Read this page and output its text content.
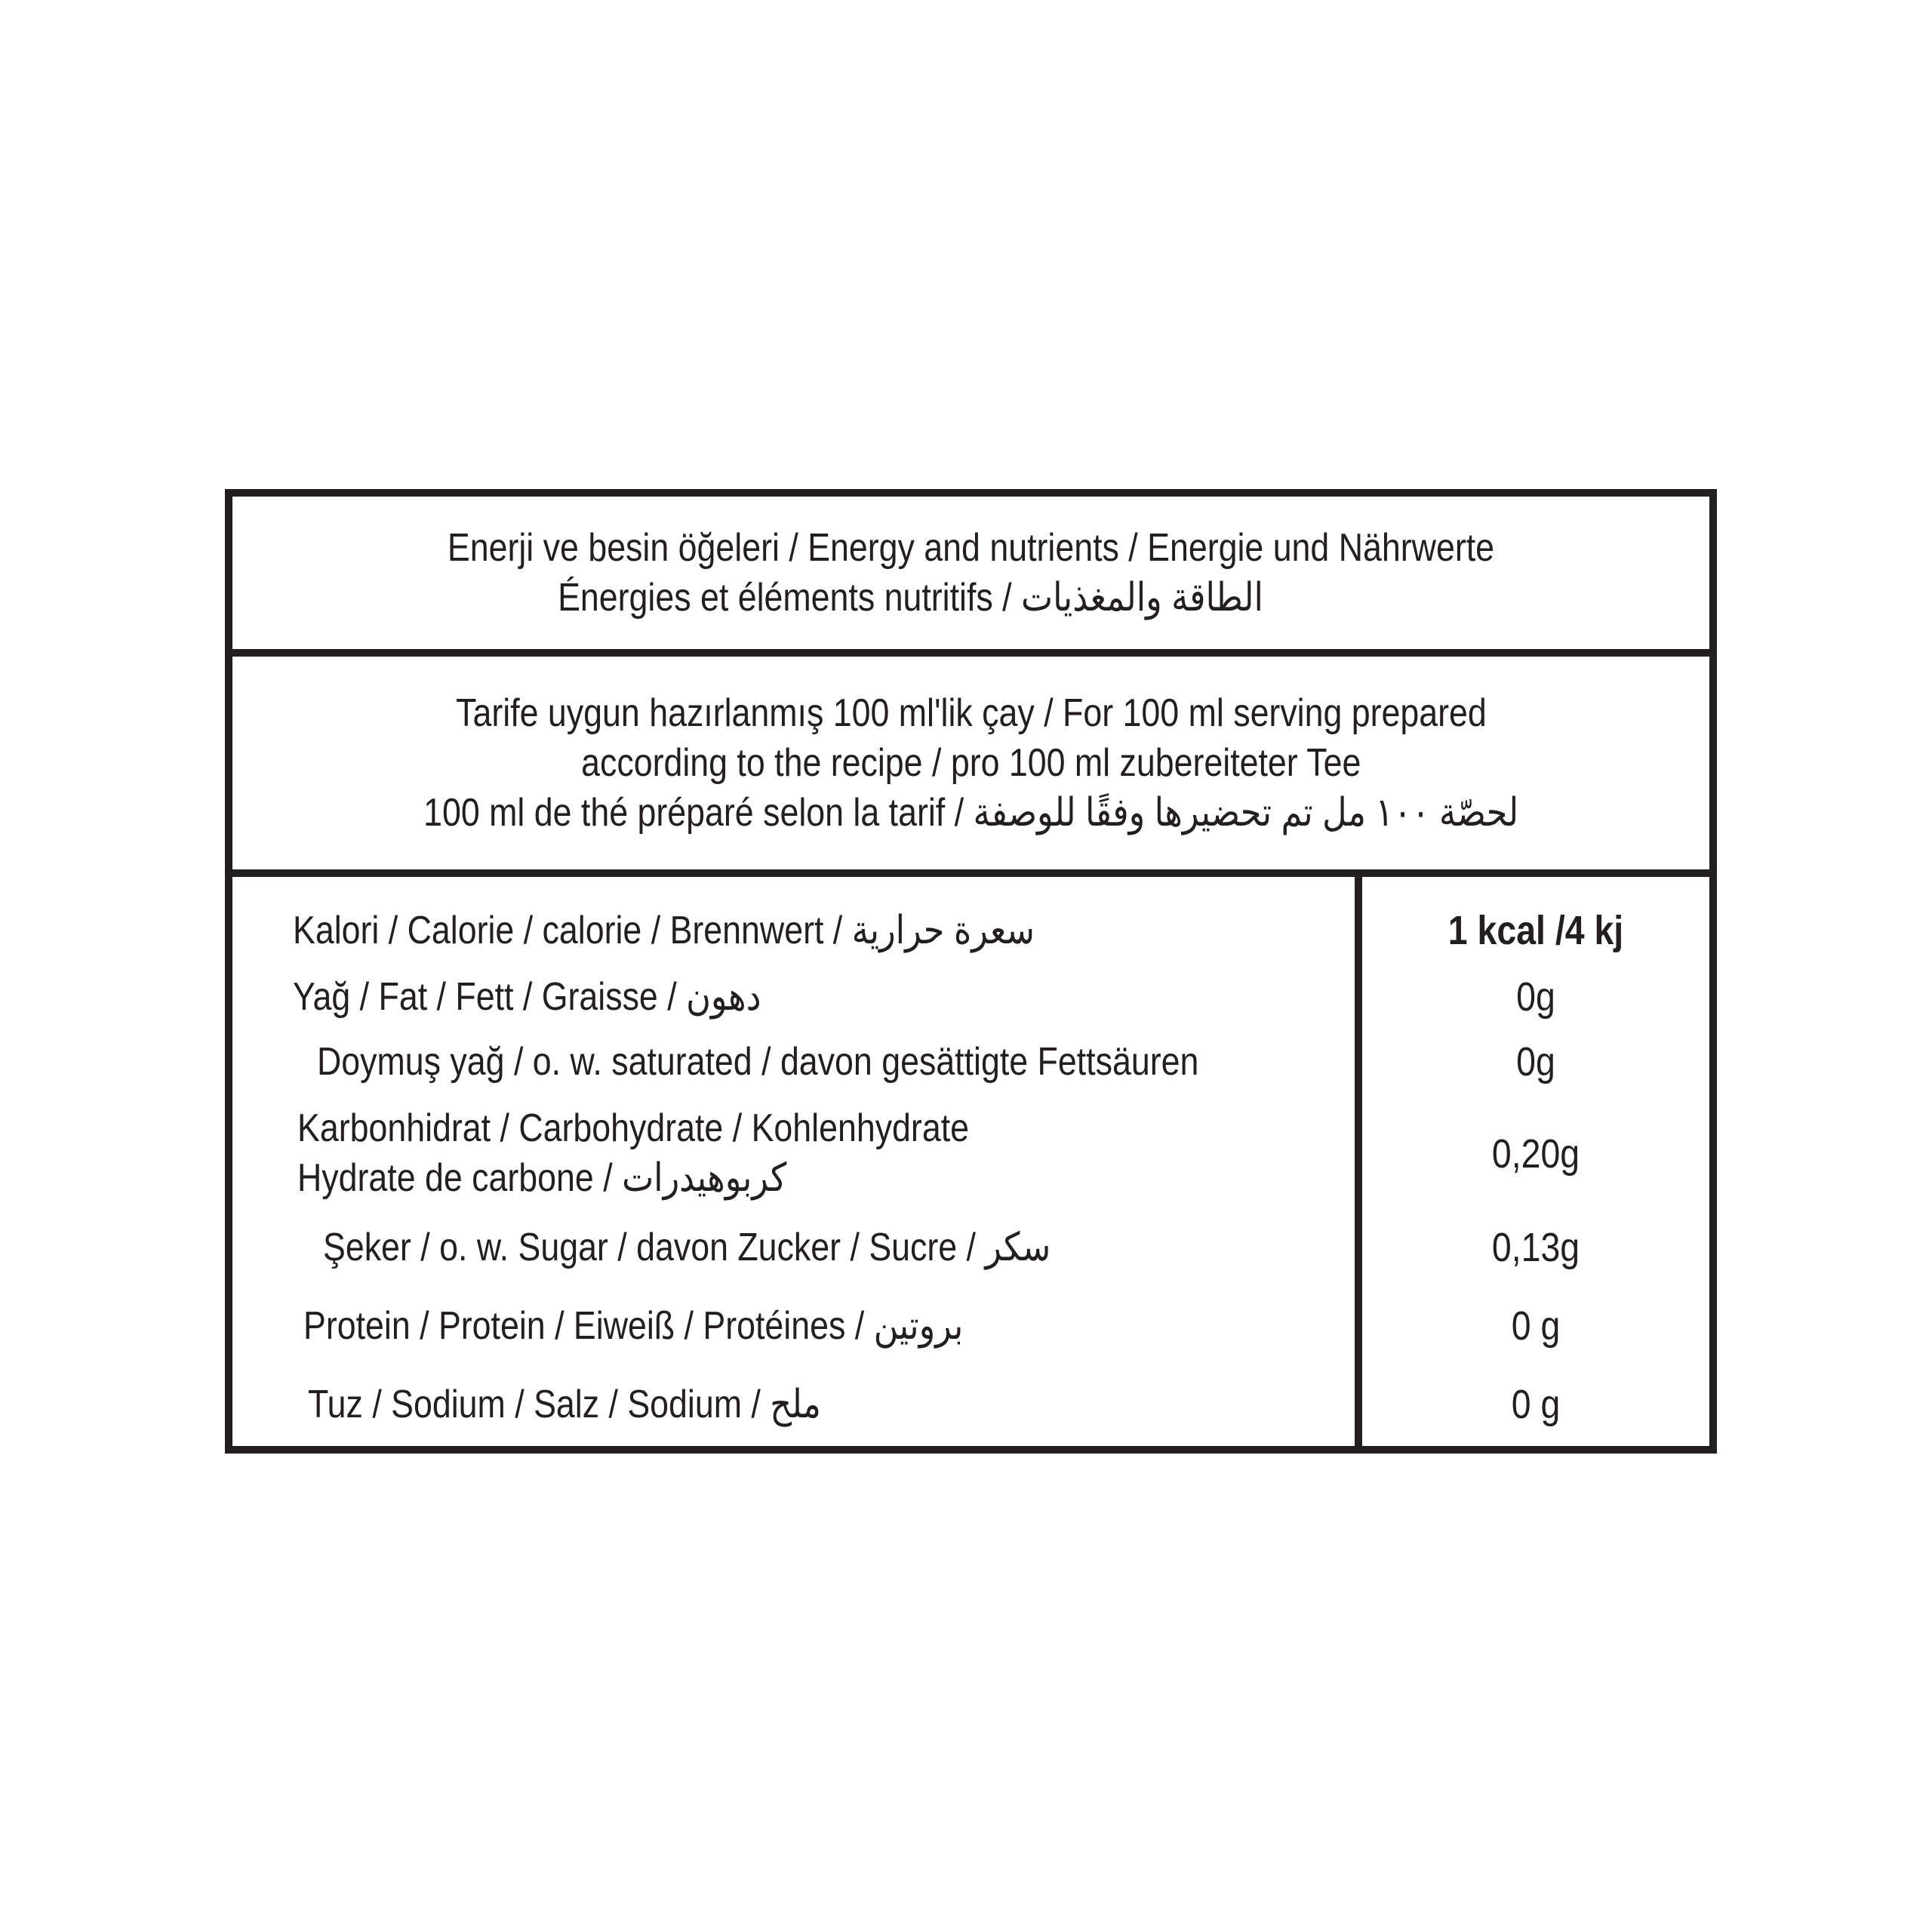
Enerji ve besin öğeleri / Energy and nutrients / Energie und Nährwerte
Énergies et éléments nutritifs / الطاقة والمغذيات
Tarife uygun hazırlanmış 100 ml'lik çay / For 100 ml serving prepared
according to the recipe / pro 100 ml zubereiteter Tee
100 ml de thé préparé selon la tarif / لحصّة ١٠٠ مل تم تحضيرها وفقًا للوصفة
Kalori / Calorie / calorie / Brennwert / سعرة حرارية
Yağ / Fat / Fett / Graisse / دهون
Doymuş yağ / o. w. saturated / davon gesättigte Fettsäuren
Karbonhidrat / Carbohydrate / Kohlenhydrate
Hydrate de carbone / كربوهيدرات
Şeker / o. w. Sugar / davon Zucker / Sucre / سكر
Protein / Protein / Eiweiß / Protéines / بروتين
Tuz / Sodium / Salz / Sodium / ملح
1 kcal /4 kj
0g
0g
0,20g
0,13g
0 g
0 g
